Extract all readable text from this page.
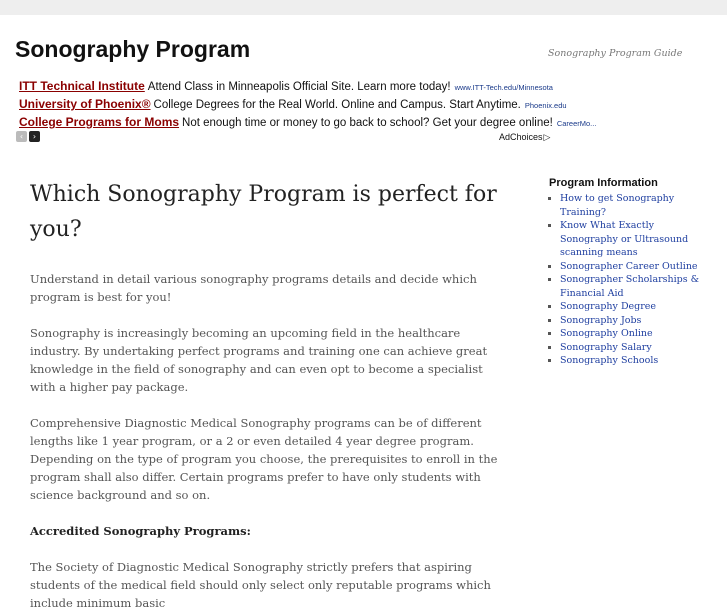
Sonography Program	Sonography Program Guide
ITT Technical Institute Attend Class in Minneapolis Official Site. Learn more today! www.ITT-Tech.edu/Minnesota
University of Phoenix® College Degrees for the Real World. Online and Campus. Start Anytime. Phoenix.edu
College Programs for Moms Not enough time or money to go back to school? Get your degree online! CareerMo...
‹ ›	AdChoices▷
Which Sonography Program is perfect for you?

Understand in detail various sonography programs details and decide which program is best for you!

Sonography is increasingly becoming an upcoming field in the healthcare industry. By undertaking perfect programs and training one can achieve great knowledge in the field of sonography and can even opt to become a specialist with a higher pay package.

Comprehensive Diagnostic Medical Sonography programs can be of different lengths like 1 year program, or a 2 or even detailed 4 year degree program. Depending on the type of program you choose, the prerequisites to enroll in the program shall also differ. Certain programs prefer to have only students with science background and so on.

Accredited Sonography Programs:

The Society of Diagnostic Medical Sonography strictly prefers that aspiring students of the medical field should only select only reputable programs which include minimum basic

Program Information
▪ How to get Sonography Training?
▪ Know What Exactly Sonography or Ultrasound scanning means
▪ Sonographer Career Outline
▪ Sonographer Scholarships & Financial Aid
▪ Sonography Degree
▪ Sonography Jobs
▪ Sonography Online
▪ Sonography Salary
▪ Sonography Schools
